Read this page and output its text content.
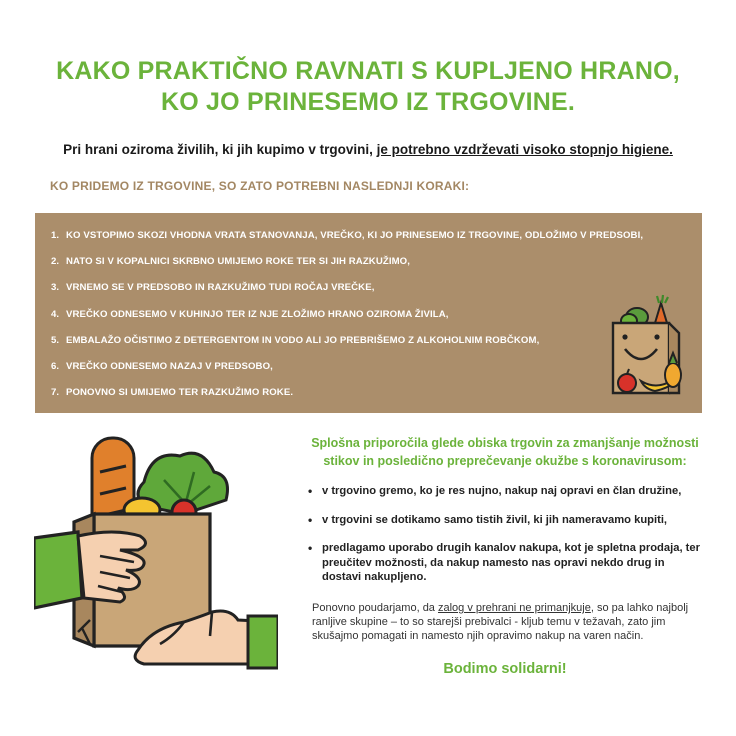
KAKO PRAKTIČNO RAVNATI S KUPLJENO HRANO,
KO JO PRINESEMO IZ TRGOVINE.
Pri hrani oziroma živilih, ki jih kupimo v trgovini, je potrebno vzdrževati visoko stopnjo higiene.
KO PRIDEMO IZ TRGOVINE, SO ZATO POTREBNI NASLEDNJI KORAKI:
1. KO VSTOPIMO SKOZI VHODNA VRATA STANOVANJA, VREČKO, KI JO PRINESEMO IZ TRGOVINE, ODLOŽIMO V PREDSOBI,
2. NATO SI V KOPALNICI SKRBNO UMIJEMO ROKE TER SI JIH RAZKUŽIMO,
3. VRNEMO SE V PREDSOBO IN RAZKUŽIMO TUDI ROČAJ VREČKE,
4. VREČKO ODNESEMO V KUHINJO TER IZ NJE ZLOŽIMO HRANO OZIROMA ŽIVILA,
5. EMBALAŽO OČISTIMO Z DETERGENTOM IN VODO ALI JO PREBRIŠEMO Z ALKOHOLNIM ROBČKOM,
6. VREČKO ODNESEMO NAZAJ V PREDSOBO,
7. PONOVNO SI UMIJEMO TER RAZKUŽIMO ROKE.
Splošna priporočila glede obiska trgovin za zmanjšanje možnosti
stikov in posledično preprečevanje okužbe s koronavirusom:
• v trgovino gremo, ko je res nujno, nakup naj opravi en član družine,
• v trgovini se dotikamo samo tistih živil, ki jih nameravamo kupiti,
• predlagamo uporabo drugih kanalov nakupa, kot je spletna prodaja, ter preučitev možnosti, da nakup namesto nas opravi nekdo drug in dostavi nakupljeno.
Ponovno poudarjamo, da zalog v prehrani ne primanjkuje, so pa lahko najbolj ranljive skupine – to so starejši prebivalci - kljub temu v težavah, zato jim skušajmo pomagati in namesto njih opravimo nakup na varen način.
Bodimo solidarni!
